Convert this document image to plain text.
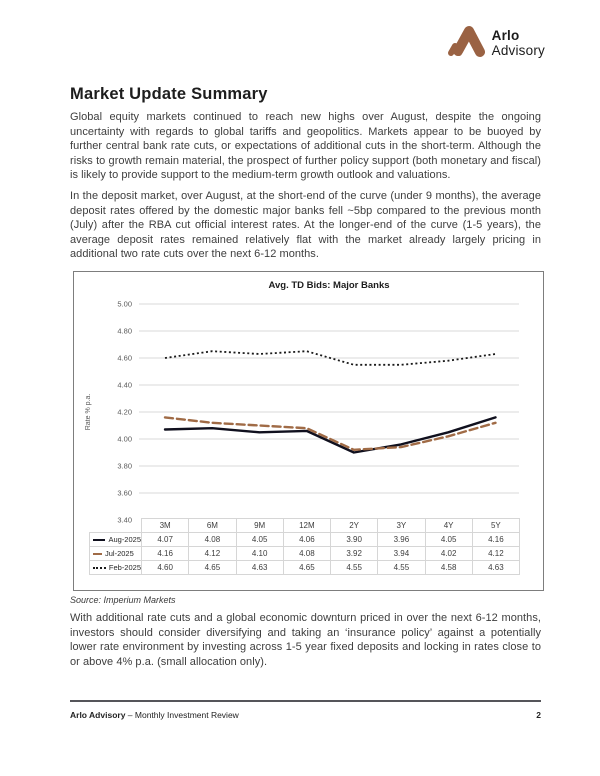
Arlo
Advisory
Market Update Summary

Global equity markets continued to reach new highs over August, despite the ongoing uncertainty with regards to global tariffs and geopolitics. Markets appear to be buoyed by further central bank rate cuts, or expectations of additional cuts in the short-term. Although the risks to growth remain material, the prospect of further policy support (both monetary and fiscal) is likely to provide support to the medium-term growth outlook and valuations.

In the deposit market, over August, at the short-end of the curve (under 9 months), the average deposit rates offered by the domestic major banks fell ~5bp compared to the previous month (July) after the RBA cut official interest rates. At the longer-end of the curve (1-5 years), the average deposit rates remained relatively flat with the market already largely pricing in additional two rate cuts over the next 6-12 months.

Avg. TD Bids: Major Banks
5.00
4.80
4.60
4.40
4.20
4.00
3.80
3.60
3.40
Rate % p.a.
	3M	6M	9M	12M	2Y	3Y	4Y	5Y

Aug-2025	4.07	4.08	4.05	4.06	3.90	3.96	4.05	4.16

Jul-2025	4.16	4.12	4.10	4.08	3.92	3.94	4.02	4.12

Feb-2025	4.60	4.65	4.63	4.65	4.55	4.55	4.58	4.63
Source: Imperium Markets

With additional rate cuts and a global economic downturn priced in over the next 6-12 months, investors should consider diversifying and taking an ‘insurance policy’ against a potentially lower rate environment by investing across 1-5 year fixed deposits and locking in rates close to or above 4% p.a. (small allocation only).

Arlo Advisory – Monthly Investment Review	2
